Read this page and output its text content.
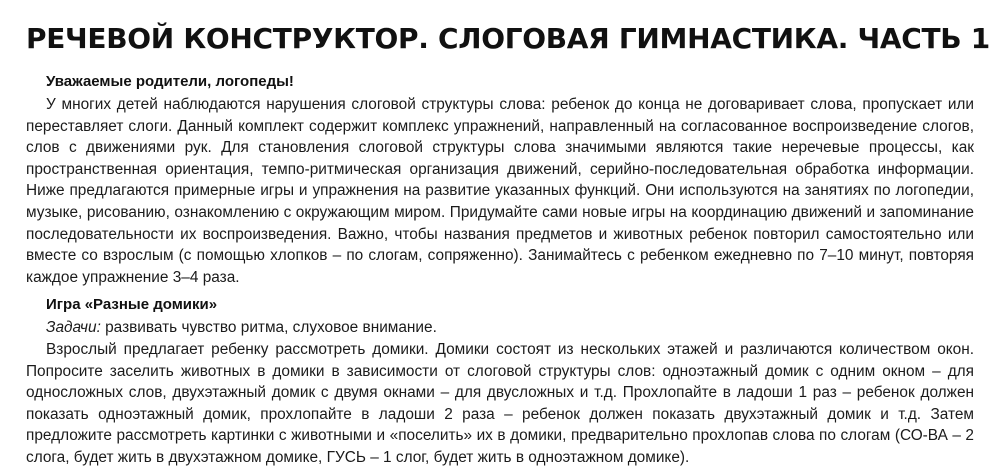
РЕЧЕВОЙ КОНСТРУКТОР. СЛОГОВАЯ ГИМНАСТИКА. ЧАСТЬ 1
Уважаемые родители, логопеды!

У многих детей наблюдаются нарушения слоговой структуры слова: ребенок до конца не договаривает слова, пропускает или переставляет слоги. Данный комплект содержит комплекс упражнений, направленный на согласованное воспроизведение слогов, слов с движениями рук. Для становления слоговой структуры слова значимыми являются такие неречевые процессы, как пространственная ориентация, темпо-ритмическая организация движений, серийно-последовательная обработка информации. Ниже предлагаются примерные игры и упражнения на развитие указанных функций. Они используются на занятиях по логопедии, музыке, рисованию, ознакомлению с окружающим миром. Придумайте сами новые игры на координацию движений и запоминание последовательности их воспроизведения. Важно, чтобы названия предметов и животных ребенок повторил самостоятельно или вместе со взрослым (с помощью хлопков – по слогам, сопряженно). Занимайтесь с ребенком ежедневно по 7–10 минут, повторяя каждое упражнение 3–4 раза.

Игра «Разные домики»

Задачи: развивать чувство ритма, слуховое внимание.

Взрослый предлагает ребенку рассмотреть домики. Домики состоят из нескольких этажей и различаются количеством окон. Попросите заселить животных в домики в зависимости от слоговой структуры слов: одноэтажный домик с одним окном – для односложных слов, двухэтажный домик с двумя окнами – для двусложных и т.д. Прохлопайте в ладоши 1 раз – ребенок должен показать одноэтажный домик, прохлопайте в ладоши 2 раза – ребенок должен показать двухэтажный домик и т.д. Затем предложите рассмотреть картинки с животными и «поселить» их в домики, предварительно прохлопав слова по слогам (СО-ВА – 2 слога, будет жить в двухэтажном домике, ГУСЬ – 1 слог, будет жить в одноэтажном домике).
